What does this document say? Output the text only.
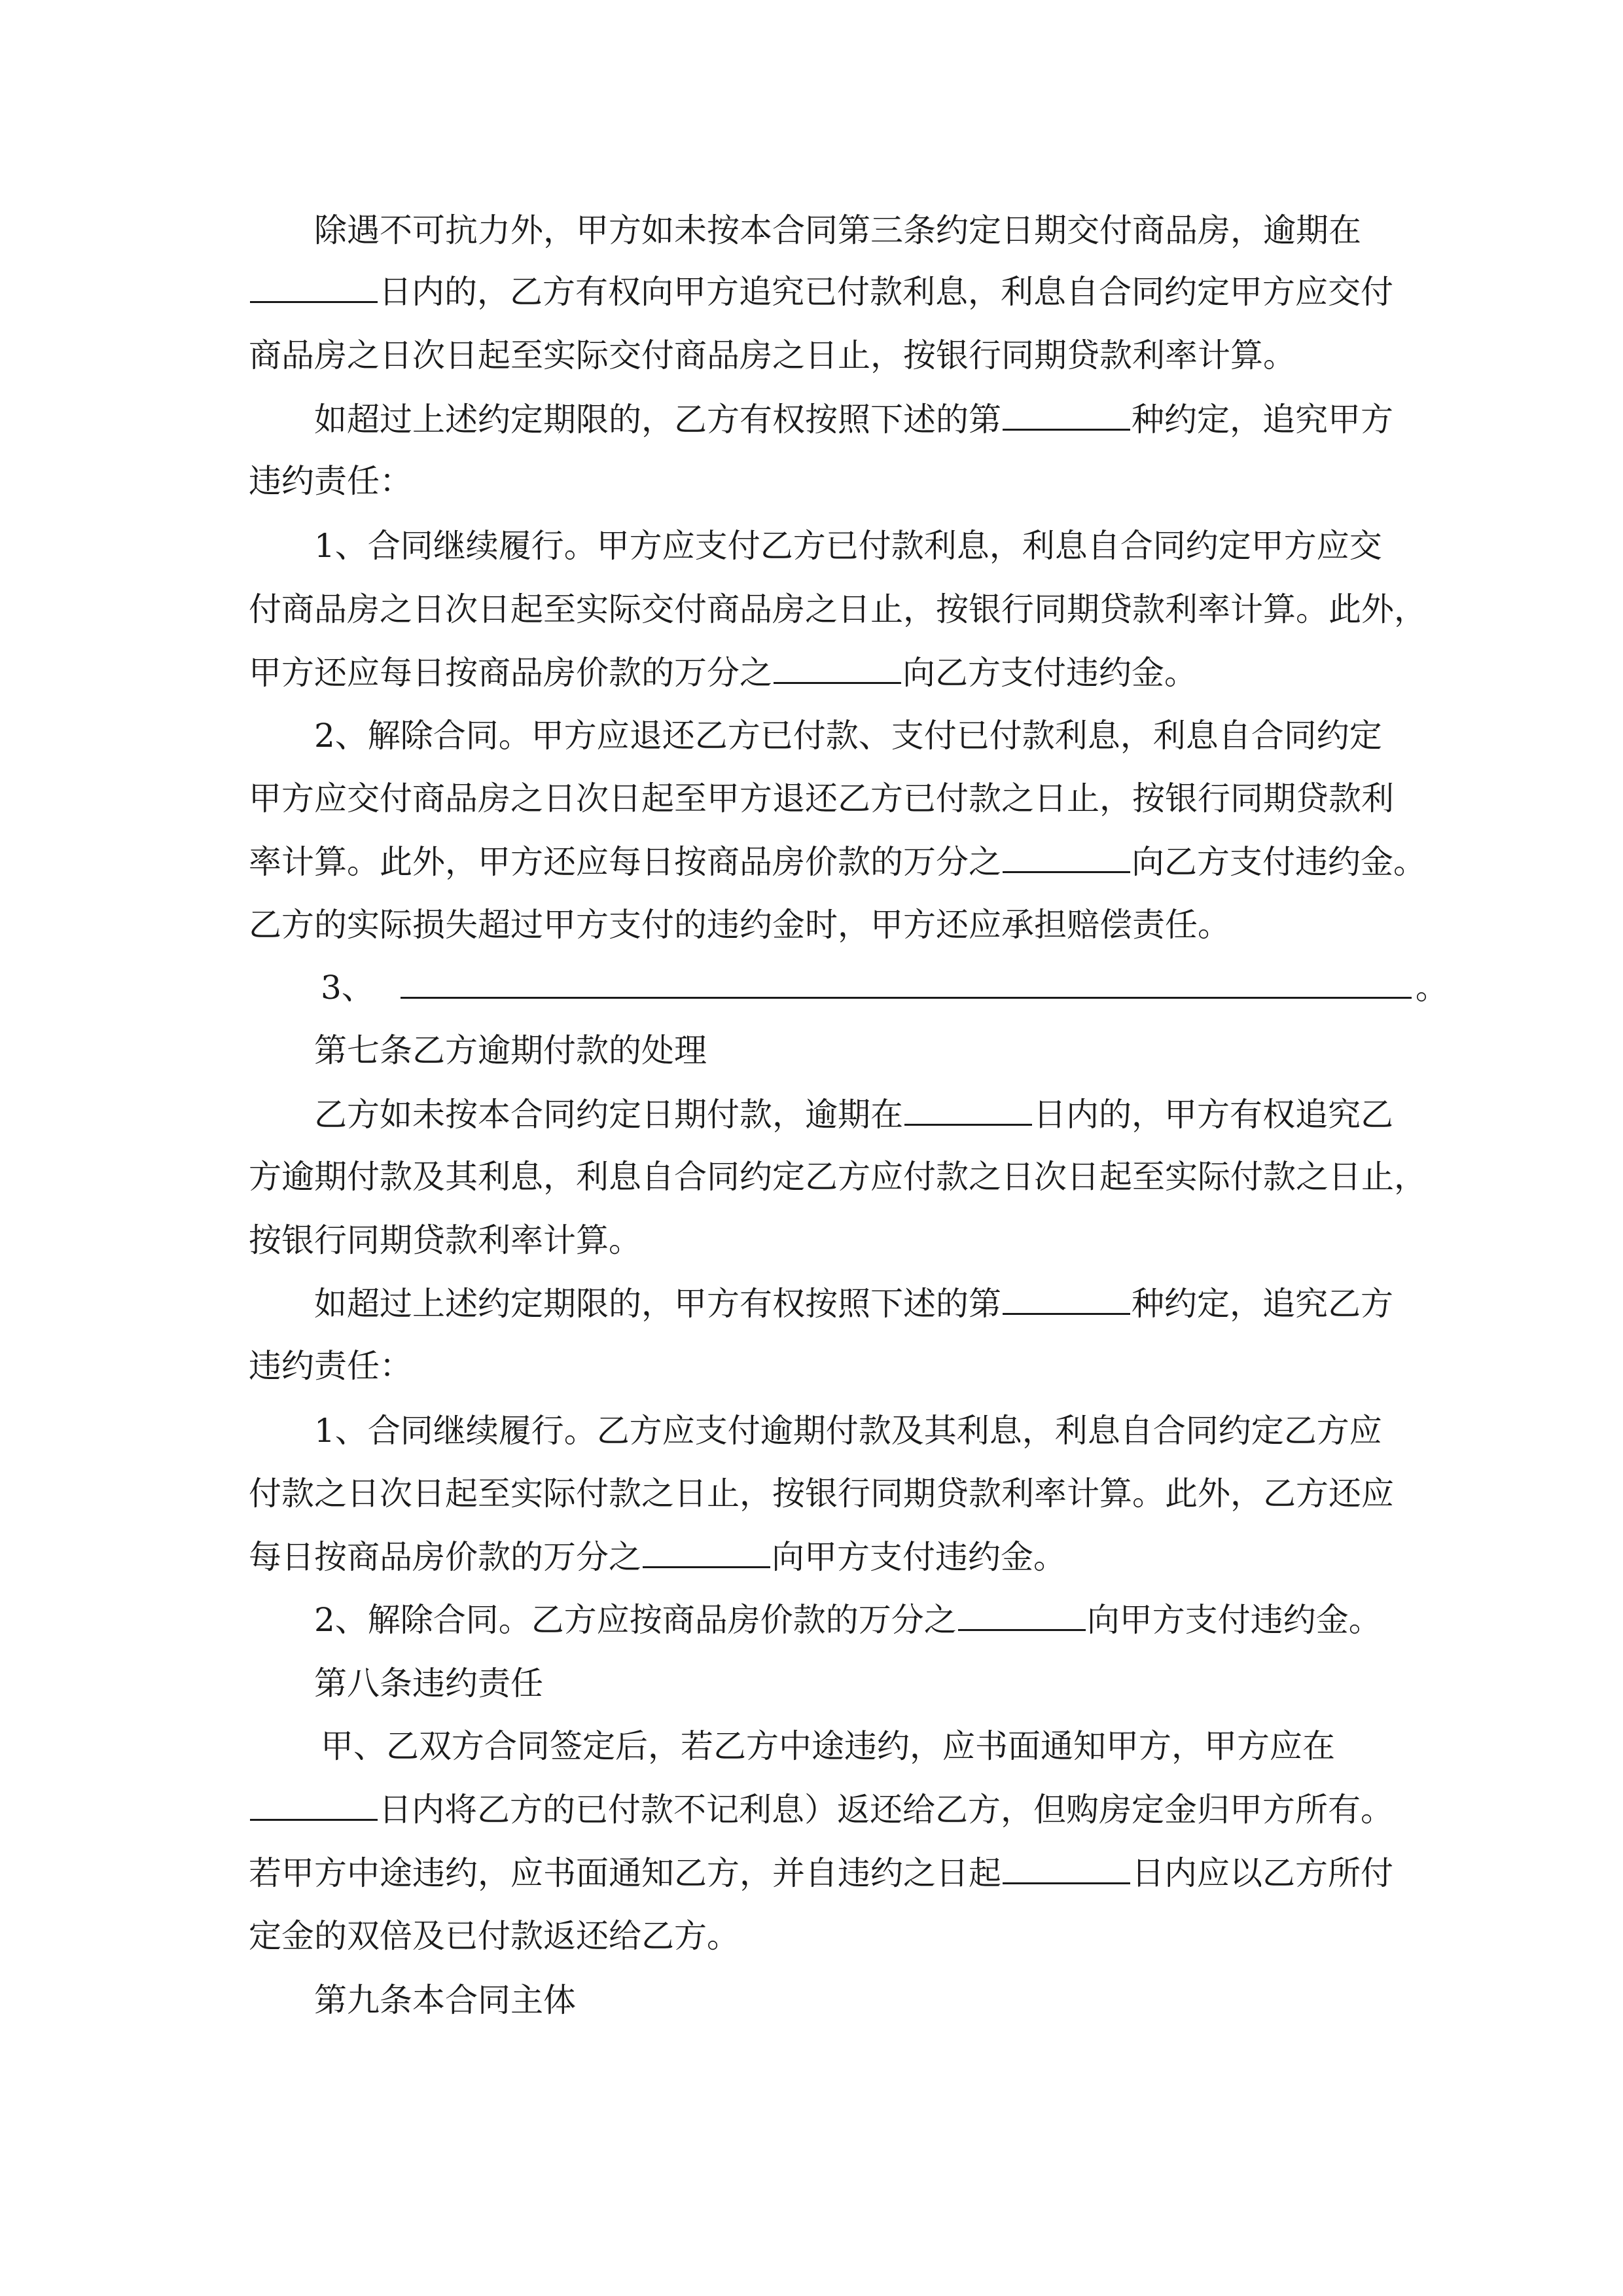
除遇不可抗力外，甲方如未按本合同第三条约定日期交付商品房，逾期在
日内的，乙方有权向甲方追究已付款利息，利息自合同约定甲方应交付
商品房之日次日起至实际交付商品房之日止，按银行同期贷款利率计算。
如超过上述约定期限的，乙方有权按照下述的第	种约定，追究甲方
违约责任：
1、合同继续履行。甲方应支付乙方已付款利息，利息自合同约定甲方应交
付商品房之日次日起至实际交付商品房之日止，按银行同期贷款利率计算。此外，
甲方还应每日按商品房价款的万分之	向乙方支付违约金。
2、解除合同。甲方应退还乙方已付款、支付已付款利息，利息自合同约定
甲方应交付商品房之日次日起至甲方退还乙方已付款之日止，按银行同期贷款利
率计算。此外，甲方还应每日按商品房价款的万分之	向乙方支付违约金。
乙方的实际损失超过甲方支付的违约金时，甲方还应承担赔偿责任。
3、	。
第七条乙方逾期付款的处理
乙方如未按本合同约定日期付款，逾期在	日内的，甲方有权追究乙
方逾期付款及其利息，利息自合同约定乙方应付款之日次日起至实际付款之日止，
按银行同期贷款利率计算。
如超过上述约定期限的，甲方有权按照下述的第	种约定，追究乙方
违约责任：
1、合同继续履行。乙方应支付逾期付款及其利息，利息自合同约定乙方应
付款之日次日起至实际付款之日止，按银行同期贷款利率计算。此外，乙方还应
每日按商品房价款的万分之	向甲方支付违约金。
2、解除合同。乙方应按商品房价款的万分之	向甲方支付违约金。
第八条违约责任
甲、乙双方合同签定后，若乙方中途违约，应书面通知甲方，甲方应在
日内将乙方的已付款不记利息）返还给乙方，但购房定金归甲方所有。
若甲方中途违约，应书面通知乙方，并自违约之日起	日内应以乙方所付
定金的双倍及已付款返还给乙方。
第九条本合同主体
